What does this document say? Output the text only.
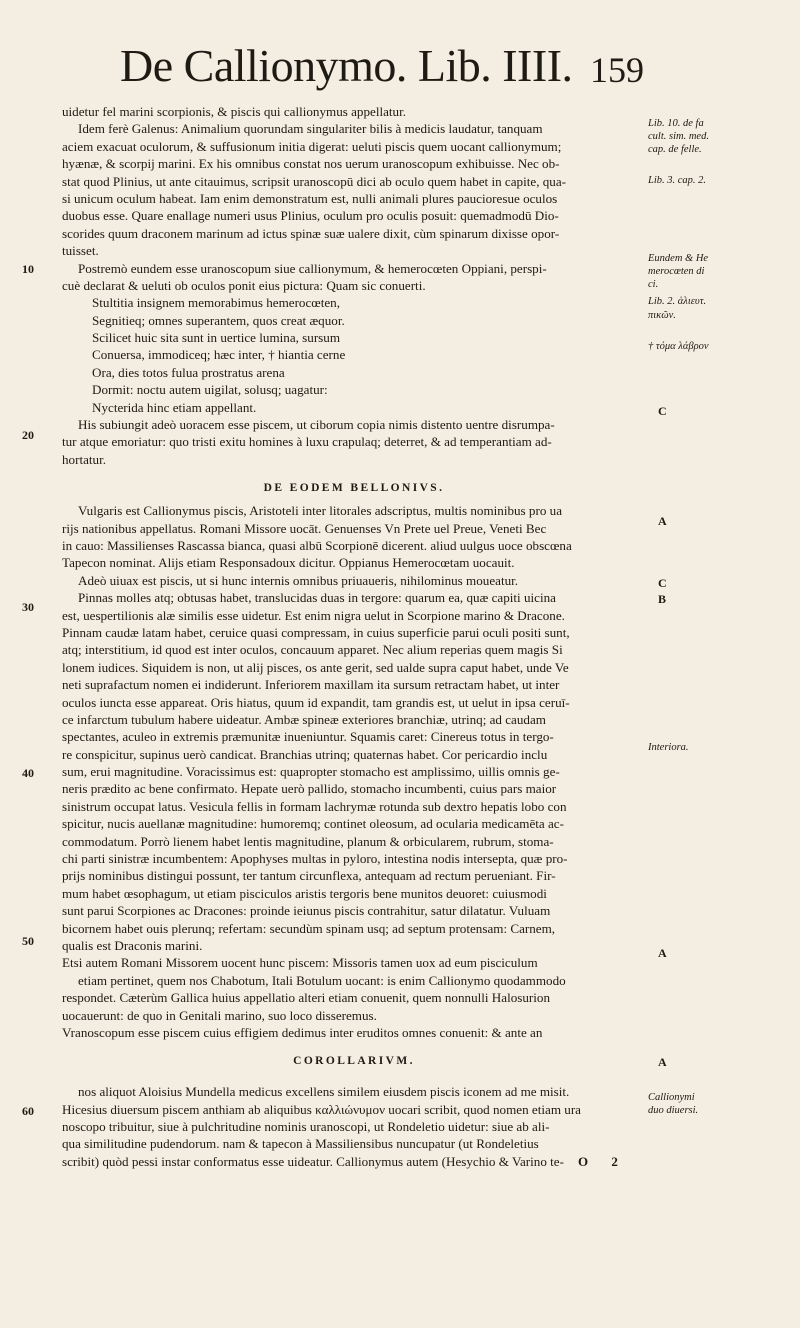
De Callionymo. Lib. IIII. 159
uidetur fel marini scorpionis, & piscis qui callionymus appellatur.
Idem ferè Galenus: Animalium quorundam singulariter bilis à medicis laudatur, tanquam
aciem exacuat oculorum, & suffusionum initia digerat: ueluti piscis quem uocant callionymum;
hyænæ, & scorpij marini. Ex his omnibus constat nos uerum uranoscopum exhibuisse. Nec ob-
stat quod Plinius, ut ante citauimus, scripsit uranoscopū dici ab oculo quem habet in capite, qua-
si unicum oculum habeat. Iam enim demonstratum est, nulli animali plures paucioresue oculos
duobus esse. Quare enallage numeri usus Plinius, oculum pro oculis posuit: quemadmodū Dio-
scorides quum draconem marinum ad ictus spinæ suæ ualere dixit, cùm spinarum dixisse opor-
tuisset.
Postremò eundem esse uranoscopum siue callionymum, & hemerocœten Oppiani, perspi-
cuè declarat & ueluti ob oculos ponit eius pictura: Quam sic conuerti.
Stultitia insignem memorabimus hemerocœten,
Segnitieq; omnes superantem, quos creat æquor.
Scilicet huic sita sunt in uertice lumina, sursum
Conuersa, immodiceq; hæc inter, † hiantia cerne
Ora, dies totos fulua prostratus arena
Dormit: noctu autem uigilat, solusq; uagatur:
Nycterida hinc etiam appellant.
His subiungit adeò uoracem esse piscem, ut ciborum copia nimis distento uentre disrumpa-
tur atque emoriatur: quo tristi exitu homines à luxu crapulaq; deterret, & ad temperantiam ad-
hortatur.
DE EODEM BELLONIVS.
Vulgaris est Callionymus piscis, Aristoteli inter litorales adscriptus, multis nominibus pro ua
rijs nationibus appellatus. Romani Missore uocāt. Genuenses Vn Prete uel Preue, Veneti Bec
in cauo: Massilienses Rascassa bianca, quasi albū Scorpionē dicerent. aliud uulgus uoce obscœna
Tapecon nominat. Alijs etiam Responsadoux dicitur. Oppianus Hemerocœtam uocauit.
Adeò uiuax est piscis, ut si hunc internis omnibus priuaueris, nihilominus moueatur.
Pinnas molles atq; obtusas habet, translucidas duas in tergore: quarum ea, quæ capiti uicina
est, uespertilionis alæ similis esse uidetur. Est enim nigra uelut in Scorpione marino & Dracone.
Pinnam caudæ latam habet, ceruice quasi compressam, in cuius superficie parui oculi positi sunt,
atq; interstitium, id quod est inter oculos, concauum apparet. Nec alium reperias quem magis Si
lonem iudices. Siquidem is non, ut alij pisces, os ante gerit, sed ualde supra caput habet, unde Ve
neti suprafactum nomen ei indiderunt. Inferiorem maxillam ita sursum retractam habet, ut inter
oculos iuncta esse appareat. Oris hiatus, quum id expandit, tam grandis est, ut uelut in ipsa ceruī-
ce infarctum tubulum habere uideatur. Ambæ spineæ exteriores branchiæ, utrinq; ad caudam
spectantes, aculeo in extremis præmunitæ inueniuntur. Squamis caret: Cinereus totus in tergo-
re conspicitur, supinus uerò candicat. Branchias utrinq; quaternas habet. Cor pericardio inclu
sum, erui magnitudine. Voracissimus est: quapropter stomacho est amplissimo, uillis omnis ge-
neris prædito ac bene confirmato. Hepate uerò pallido, stomacho incumbenti, cuius pars maior
sinistrum occupat latus. Vesicula fellis in formam lachrymæ rotunda sub dextro hepatis lobo con
spicitur, nucis auellanæ magnitudine: humoremq; continet oleosum, ad ocularia medicamēta ac-
commodatum. Porrò lienem habet lentis magnitudine, planum & orbicularem, rubrum, stoma-
chi parti sinistræ incumbentem: Apophyses multas in pyloro, intestina nodis intersepta, quæ pro-
prijs nominibus distingui possunt, ter tantum circunflexa, antequam ad rectum perueniant. Fir-
mum habet œsophagum, ut etiam pisciculos aristis tergoris bene munitos deuoret: cuiusmodi
sunt parui Scorpiones ac Dracones: proinde ieiunus piscis contrahitur, satur dilatatur. Vuluam
bicornem habet ouis plerunq; refertam: secundùm spinam usq; ad septum protensam: Carnem,
qualis est Draconis marini.
Etsi autem Romani Missorem uocent hunc piscem: Missoris tamen uox ad eum pisciculum
etiam pertinet, quem nos Chabotum, Itali Botulum uocant: is enim Callionymo quodammodo
respondet. Cæterùm Gallica huius appellatio alteri etiam conuenit, quem nonnulli Halosurion
uocauerunt: de quo in Genitali marino, suo loco disseremus.
Vranoscopum esse piscem cuius effigiem dedimus inter eruditos omnes conuenit: & ante an
COROLLARIVM.
nos aliquot Aloisius Mundella medicus excellens similem eiusdem piscis iconem ad me misit.
Hicesius diuersum piscem anthiam ab aliquibus καλλιώνυμον uocari scribit, quod nomen etiam ura
noscopo tribuitur, siue à pulchritudine nominis uranoscopi, ut Rondeletio uidetur: siue ab ali-
qua similitudine pudendorum. nam & tapecon à Massiliensibus nuncupatur (ut Rondeletius
scribit) quòd pessi instar conformatus esse uideatur. Callionymus autem (Hesychio & Varino te-
Lib. 10. de fa
cult. sim. med.
cap. de felle.
Lib. 3. cap. 2.
Eundem & He
merocœten di
ci.
Lib. 2. ἁλιευτ.
πικῶν.
† τόμα λάβρον
Interiora.
Callionymi
duo diuersi.
C
A
C
B
A
A
10
20
30
40
50
60
O 2
